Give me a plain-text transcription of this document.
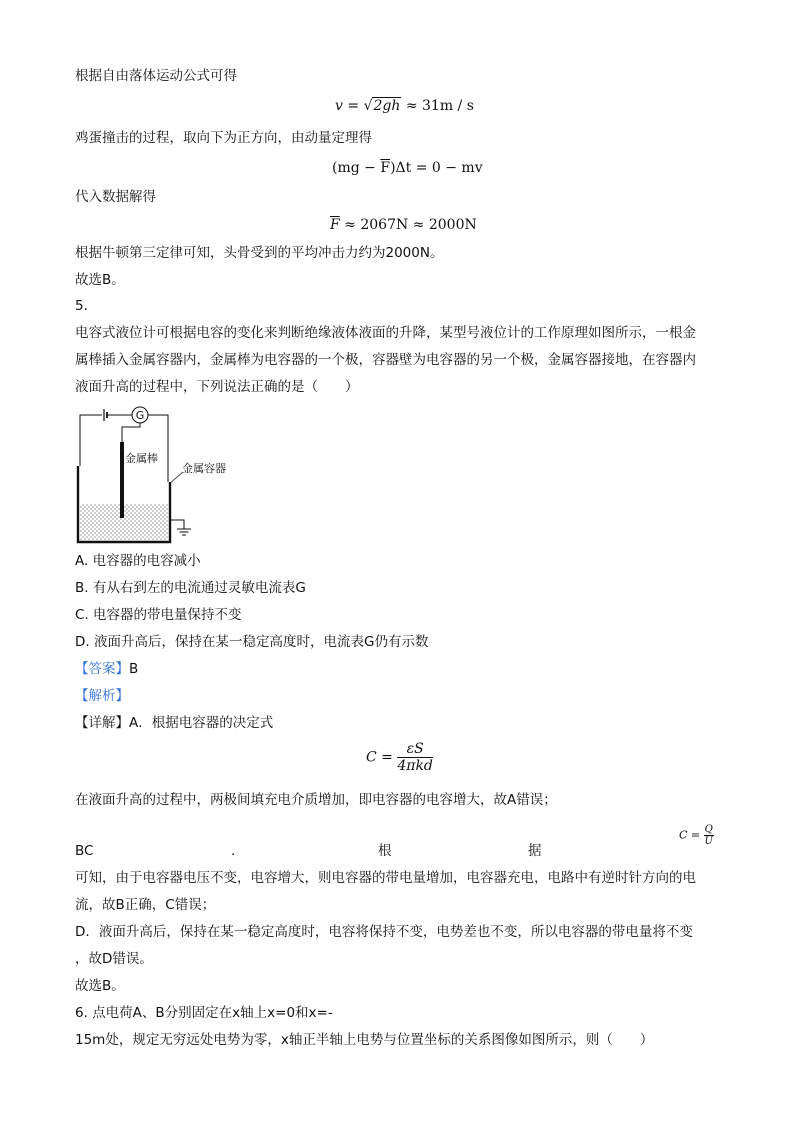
根据自由落体运动公式可得
v = √2gh ≈ 31m / s
鸡蛋撞击的过程，取向下为正方向，由动量定理得
$(mg - \overline{F})\Delta t = 0$ − mv
代入数据解得
$\overline{F} \approx 2067N \approx 2000N$
根据牛顿第三定律可知，头骨受到的平均冲击力约为2000N。
故选B。
5.
电容式液位计可根据电容的变化来判断绝缘液体液面的升降，某型号液位计的工作原理如图所示，一根金
属棒插入金属容器内，金属棒为电容器的一个极，容器壁为电容器的另一个极，金属容器接地，在容器内
液面升高的过程中，下列说法正确的是（　　）
G
金属棒
金属容器
A. 电容器的电容减小
B. 有从右到左的电流通过灵敏电流表G
C. 电容器的带电量保持不变
D. 液面升高后，保持在某一稳定高度时，电流表G仍有示数
【答案】B
【解析】
【详解】A．根据电容器的决定式
$C = \frac{\varepsilon S}{\text{4πkd}}$
在液面升高的过程中，两极间填充电介质增加，即电容器的电容增大，故A错误；
BC	.	根	据
$C = \frac{Q}{U}$
可知，由于电容器电压不变，电容增大，则电容器的带电量增加，电容器充电，电路中有逆时针方向的电
流，故B正确，C错误；
D．液面升高后，保持在某一稳定高度时，电容将保持不变，电势差也不变，所以电容器的带电量将不变
，故D错误。
故选B。
6. 点电荷A、B分别固定在x轴上x=0和x=-
15m处，规定无穷远处电势为零，x轴正半轴上电势与位置坐标的关系图像如图所示，则（　　）
